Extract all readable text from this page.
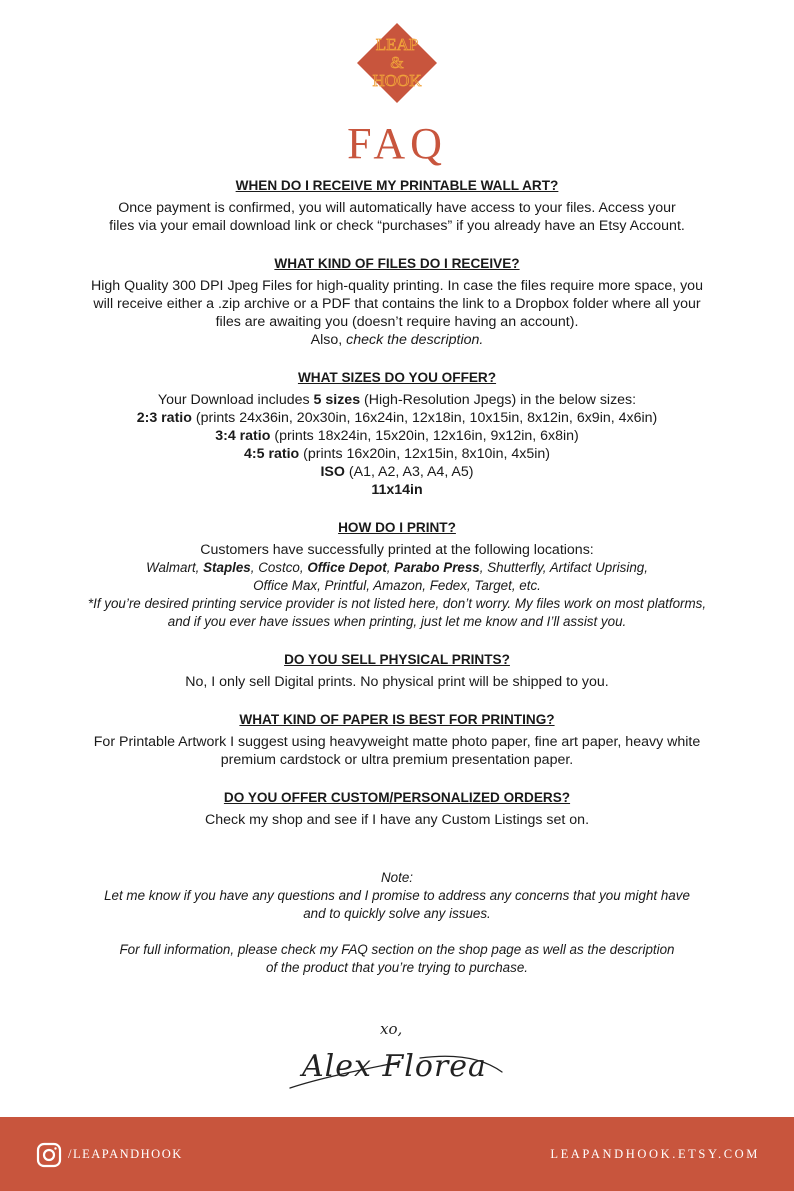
LEAP
&
HOOK
FAQ
WHEN DO I RECEIVE MY PRINTABLE WALL ART?

Once payment is confirmed, you will automatically have access to your files. Access your

files via your email download link or check “purchases” if you already have an Etsy Account.

WHAT KIND OF FILES DO I RECEIVE?

High Quality 300 DPI Jpeg Files for high-quality printing. In case the files require more space, you

will receive either a .zip archive or a PDF that contains the link to a Dropbox folder where all your

files are awaiting you (doesn’t require having an account).

Also, check the description.

WHAT SIZES DO YOU OFFER?

Your Download includes 5 sizes (High-Resolution Jpegs) in the below sizes:

2:3 ratio (prints 24x36in, 20x30in, 16x24in, 12x18in, 10x15in, 8x12in, 6x9in, 4x6in)

3:4 ratio (prints 18x24in, 15x20in, 12x16in, 9x12in, 6x8in)

4:5 ratio (prints 16x20in, 12x15in, 8x10in, 4x5in)

ISO (A1, A2, A3, A4, A5)

11x14in

HOW DO I PRINT?

Customers have successfully printed at the following locations:

Walmart, Staples, Costco, Office Depot, Parabo Press, Shutterfly, Artifact Uprising,

Office Max, Printful, Amazon, Fedex, Target, etc.

*If you’re desired printing service provider is not listed here, don’t worry. My files work on most platforms,

and if you ever have issues when printing, just let me know and I’ll assist you.

DO YOU SELL PHYSICAL PRINTS?

No, I only sell Digital prints. No physical print will be shipped to you.

WHAT KIND OF PAPER IS BEST FOR PRINTING?

For Printable Artwork I suggest using heavyweight matte photo paper, fine art paper, heavy white

premium cardstock or ultra premium presentation paper.

DO YOU OFFER CUSTOM/PERSONALIZED ORDERS?

Check my shop and see if I have any Custom Listings set on.

Note:

Let me know if you have any questions and I promise to address any concerns that you might have

and to quickly solve any issues.

For full information, please check my FAQ section on the shop page as well as the description

of the product that you’re trying to purchase.

xo,
Alex Florea
/LEAPANDHOOK	LEAPANDHOOK.ETSY.COM
